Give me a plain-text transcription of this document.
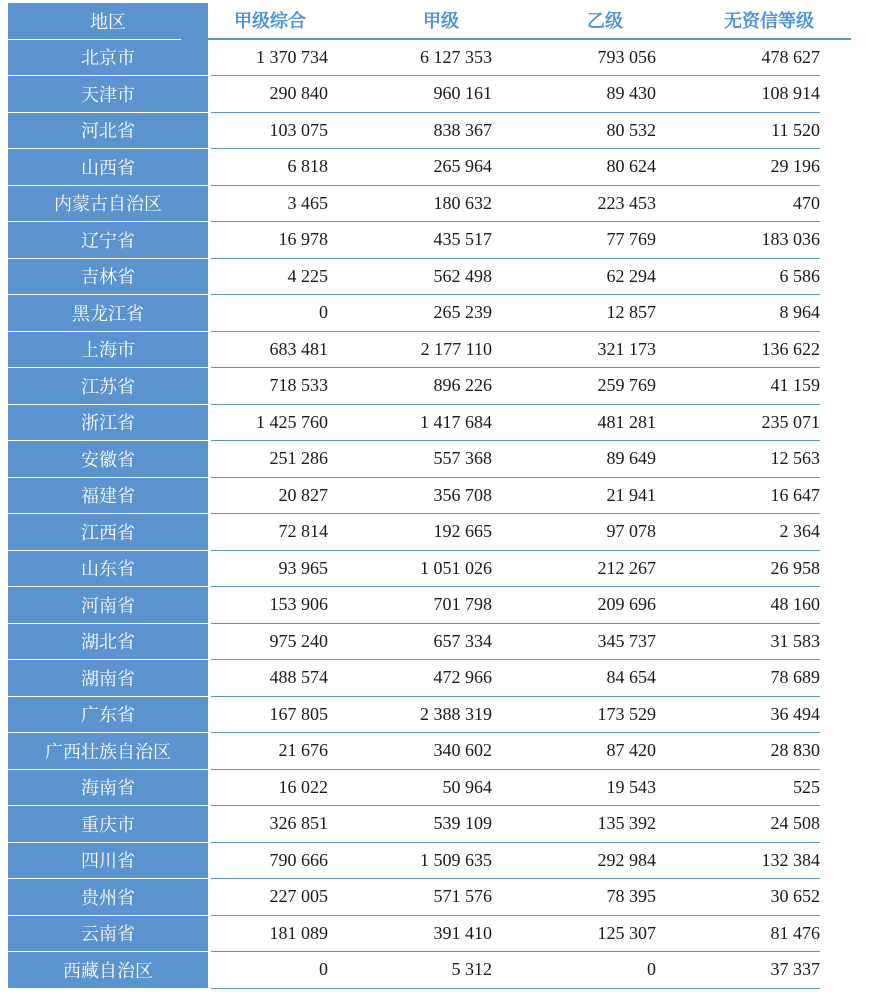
地区	甲级综合	甲级	乙级	无资信等级
北京市	1 370 734	6 127 353	793 056	478 627
天津市	290 840	960 161	89 430	108 914
河北省	103 075	838 367	80 532	11 520
山西省	6 818	265 964	80 624	29 196
内蒙古自治区	3 465	180 632	223 453	470
辽宁省	16 978	435 517	77 769	183 036
吉林省	4 225	562 498	62 294	6 586
黑龙江省	0	265 239	12 857	8 964
上海市	683 481	2 177 110	321 173	136 622
江苏省	718 533	896 226	259 769	41 159
浙江省	1 425 760	1 417 684	481 281	235 071
安徽省	251 286	557 368	89 649	12 563
福建省	20 827	356 708	21 941	16 647
江西省	72 814	192 665	97 078	2 364
山东省	93 965	1 051 026	212 267	26 958
河南省	153 906	701 798	209 696	48 160
湖北省	975 240	657 334	345 737	31 583
湖南省	488 574	472 966	84 654	78 689
广东省	167 805	2 388 319	173 529	36 494
广西壮族自治区	21 676	340 602	87 420	28 830
海南省	16 022	50 964	19 543	525
重庆市	326 851	539 109	135 392	24 508
四川省	790 666	1 509 635	292 984	132 384
贵州省	227 005	571 576	78 395	30 652
云南省	181 089	391 410	125 307	81 476
西藏自治区	0	5 312	0	37 337
